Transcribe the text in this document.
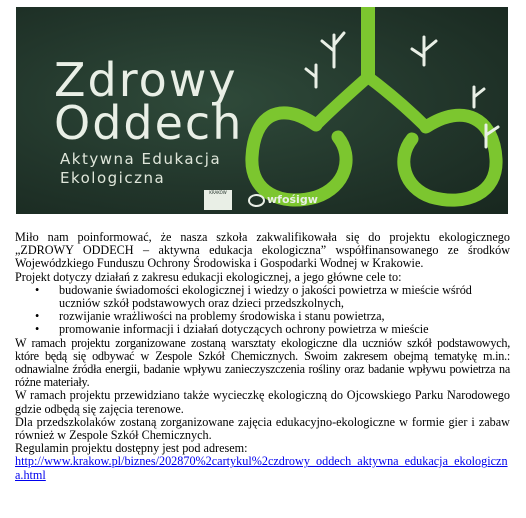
Zdrowy
Oddech
Aktywna Edukacja
Ekologiczna
KRAKÓW
wfośigw

Miło nam poinformować, że nasza szkoła zakwalifikowała się do projektu ekologicznego „ZDROWY ODDECH – aktywna edukacja ekologiczna” współfinansowanego ze środków Wojewódzkiego Funduszu Ochrony Środowiska i Gospodarki Wodnej w Krakowie.

Projekt dotyczy działań z zakresu edukacji ekologicznej, a jego główne cele to:

• budowanie świadomości ekologicznej i wiedzy o jakości powietrza w mieście wśród uczniów szkół podstawowych oraz dzieci przedszkolnych,
• rozwijanie wrażliwości na problemy środowiska i stanu powietrza,
• promowanie informacji i działań dotyczących ochrony powietrza w mieście

W ramach projektu zorganizowane zostaną warsztaty ekologiczne dla uczniów szkół podstawowych, które będą się odbywać w Zespole Szkół Chemicznych. Swoim zakresem obejmą tematykę m.in.: odnawialne źródła energii, badanie wpływu zanieczyszczenia rośliny oraz badanie wpływu powietrza na różne materiały.

W ramach projektu przewidziano także wycieczkę ekologiczną do Ojcowskiego Parku Narodowego gdzie odbędą się zajęcia terenowe.

Dla przedszkolaków zostaną zorganizowane zajęcia edukacyjno-ekologiczne w formie gier i zabaw również w Zespole Szkół Chemicznych.

Regulamin projektu dostępny jest pod adresem:

http://www.krakow.pl/biznes/202870%2cartykul%2czdrowy_oddech_aktywna_edukacja_ekologiczna.html
